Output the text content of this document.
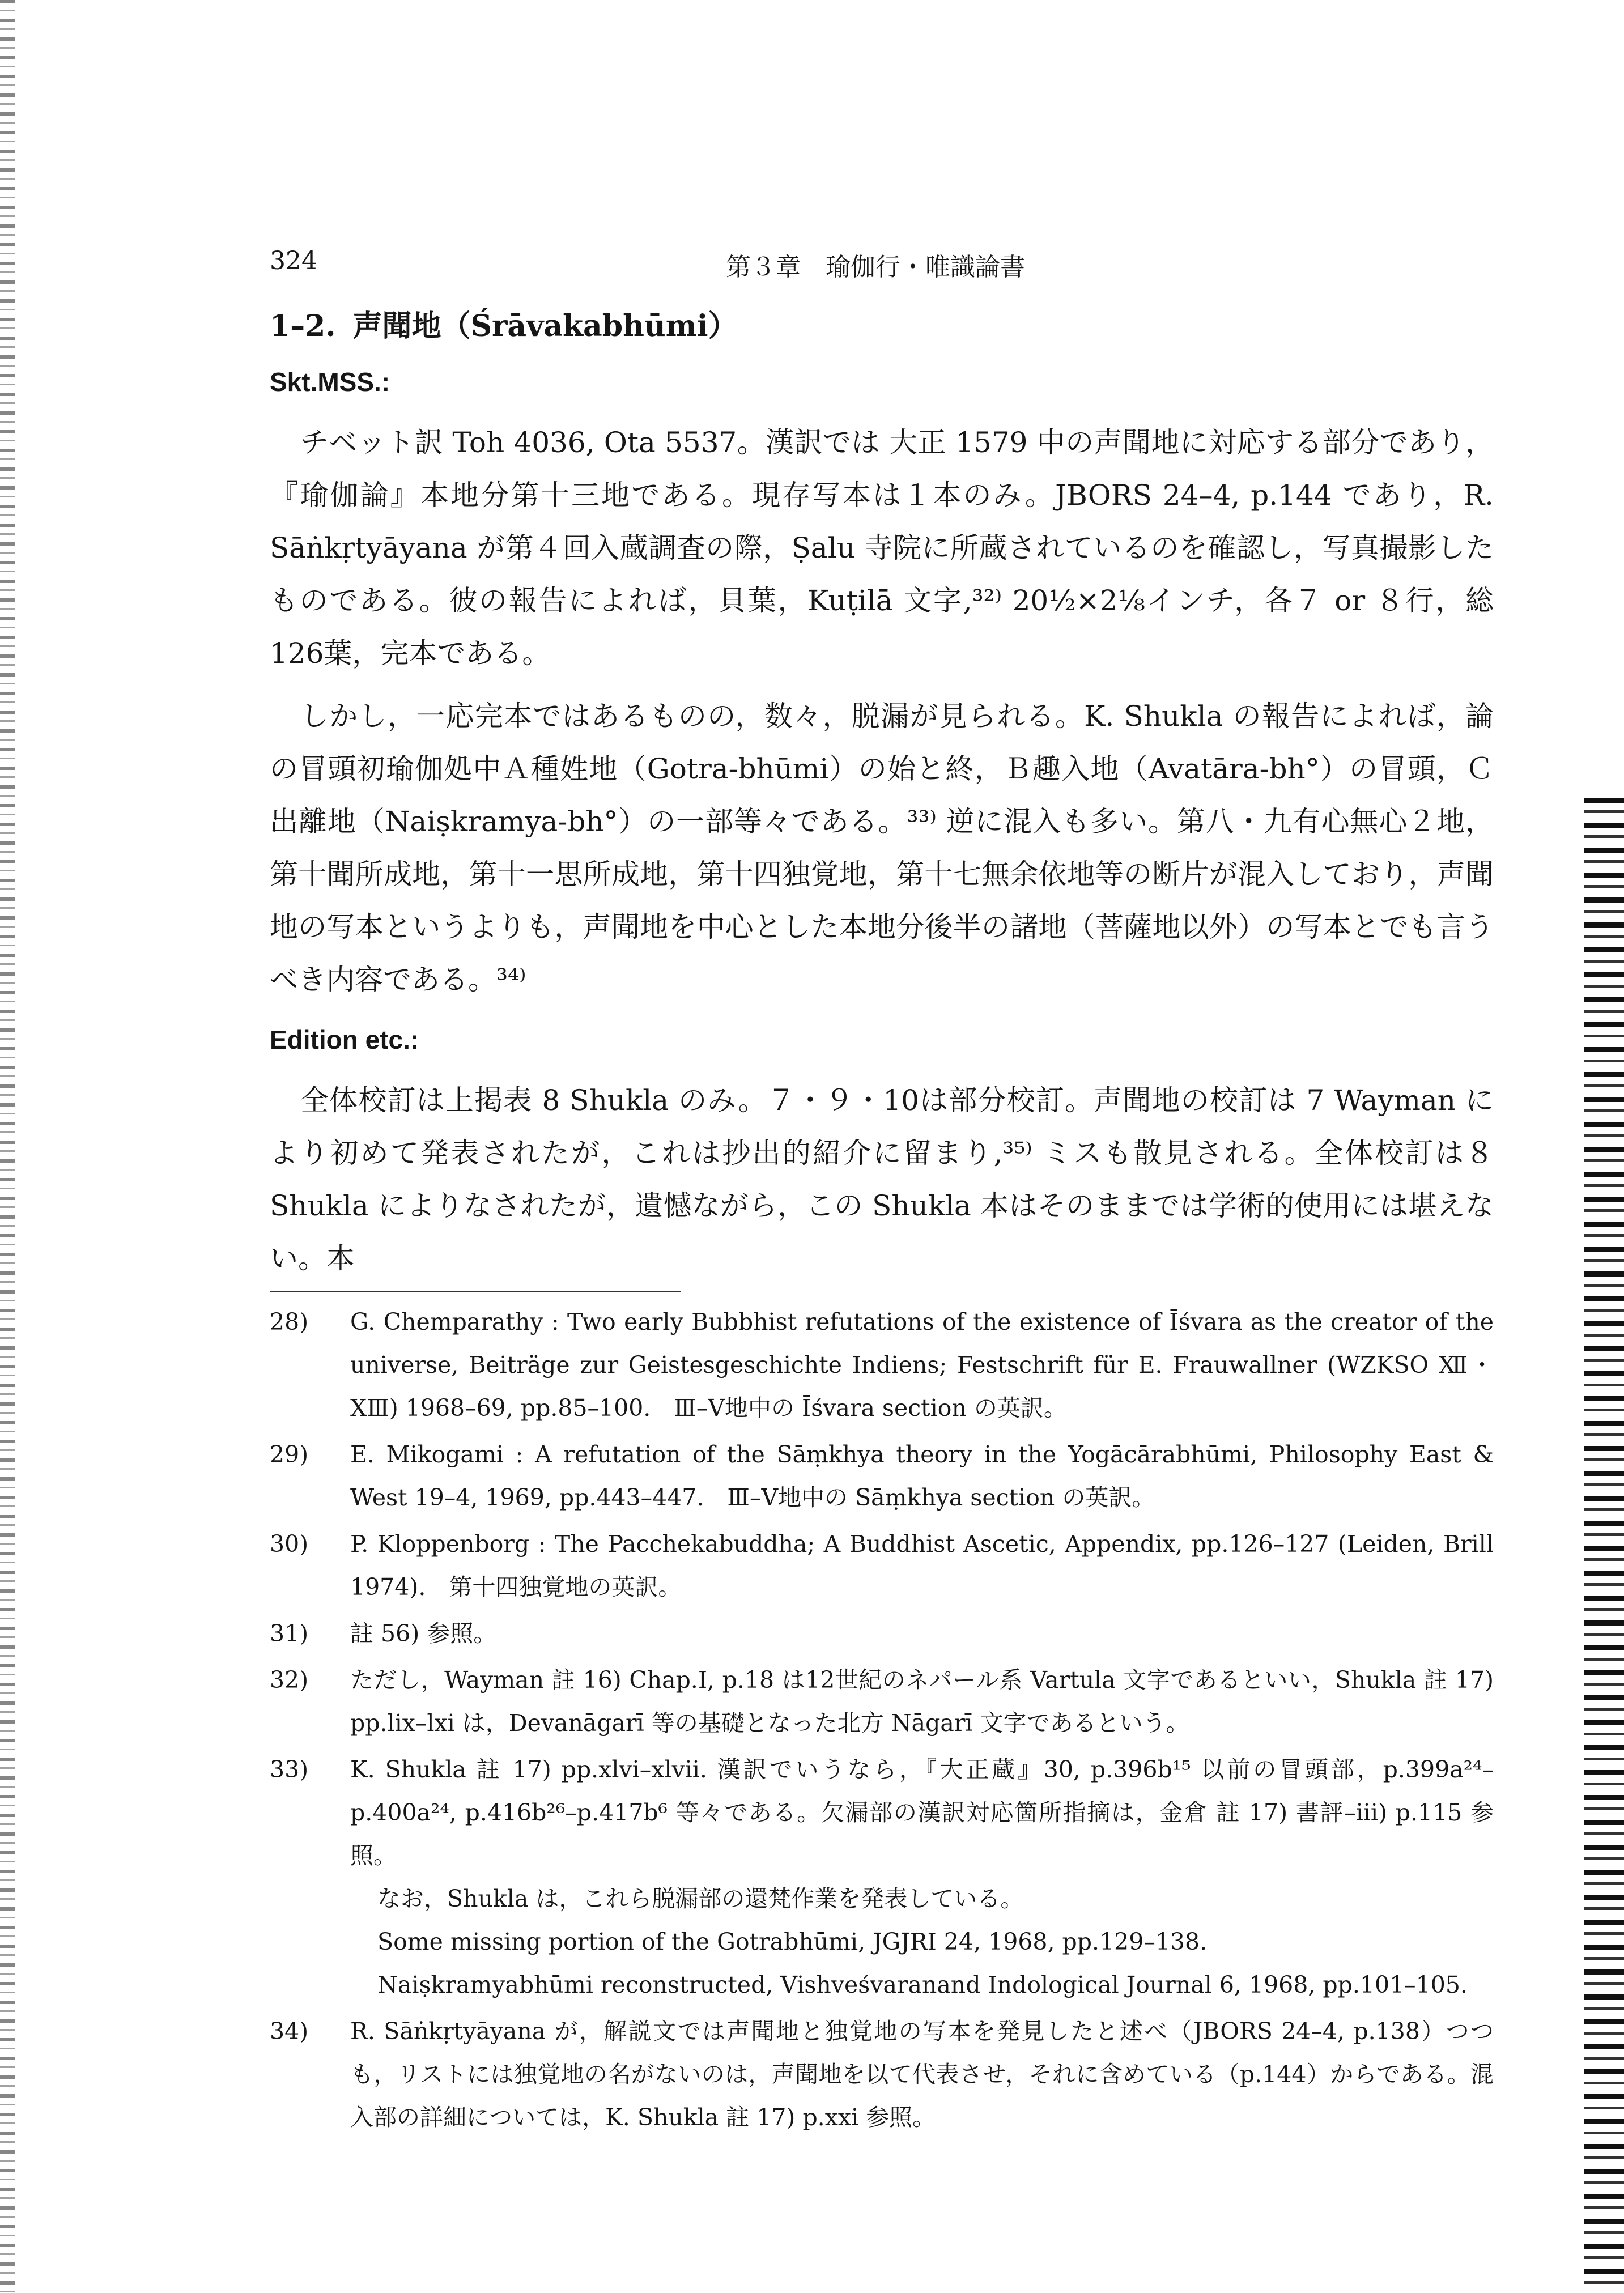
324	第３章　瑜伽行・唯識論書
1–2. 声聞地（Śrāvakabhūmi）
Skt.MSS.:

チベット訳 Toh 4036, Ota 5537。漢訳では 大正 1579 中の声聞地に対応する部分であり，『瑜伽論』本地分第十三地である。現存写本は１本のみ。JBORS 24–4, p.144 であり，R. Sāṅkṛtyāyana が第４回入蔵調査の際，Ṣalu 寺院に所蔵されているのを確認し，写真撮影したものである。彼の報告によれば，貝葉，Kuṭilā 文字,³²⁾ 20½×2⅛インチ，各７ or ８行，総126葉，完本である。

しかし，一応完本ではあるものの，数々，脱漏が見られる。K. Shukla の報告によれば，論の冒頭初瑜伽処中Ａ種姓地（Gotra-bhūmi）の始と終，Ｂ趣入地（Avatāra-bh°）の冒頭，Ｃ出離地（Naiṣkramya-bh°）の一部等々である。³³⁾ 逆に混入も多い。第八・九有心無心２地，第十聞所成地，第十一思所成地，第十四独覚地，第十七無余依地等の断片が混入しており，声聞地の写本というよりも，声聞地を中心とした本地分後半の諸地（菩薩地以外）の写本とでも言うべき内容である。³⁴⁾

Edition etc.:

全体校訂は上掲表 8 Shukla のみ。７・９・10は部分校訂。声聞地の校訂は 7 Wayman により初めて発表されたが，これは抄出的紹介に留まり,³⁵⁾ ミスも散見される。全体校訂は８ Shukla によりなされたが，遺憾ながら，この Shukla 本はそのままでは学術的使用には堪えない。本

28)	G. Chemparathy : Two early Bubbhist refutations of the existence of Īśvara as the creator of the universe, Beiträge zur Geistesgeschichte Indiens; Festschrift für E. Frauwallner (WZKSO Ⅻ・ⅩⅢ) 1968–69, pp.85–100.　Ⅲ–Ⅴ地中の Īśvara section の英訳。

29)	E. Mikogami : A refutation of the Sāṃkhya theory in the Yogācārabhūmi, Philosophy East & West 19–4, 1969, pp.443–447.　Ⅲ–Ⅴ地中の Sāṃkhya section の英訳。

30)	P. Kloppenborg : The Pacchekabuddha; A Buddhist Ascetic, Appendix, pp.126–127 (Leiden, Brill 1974).　第十四独覚地の英訳。

31)	註 56) 参照。

32)	ただし，Wayman 註 16) Chap.I, p.18 は12世紀のネパール系 Vartula 文字であるといい，Shukla 註 17) pp.lix–lxi は，Devanāgarī 等の基礎となった北方 Nāgarī 文字であるという。

33)	K. Shukla 註 17) pp.xlvi–xlvii. 漢訳でいうなら，『大正蔵』30, p.396b¹⁵ 以前の冒頭部，p.399a²⁴–p.400a²⁴, p.416b²⁶–p.417b⁶ 等々である。欠漏部の漢訳対応箇所指摘は，金倉 註 17) 書評–iii) p.115 参照。

なお，Shukla は，これら脱漏部の還梵作業を発表している。

Some missing portion of the Gotrabhūmi, JGJRI 24, 1968, pp.129–138.

Naiṣkramyabhūmi reconstructed, Vishveśvaranand Indological Journal 6, 1968, pp.101–105.

34)	R. Sāṅkṛtyāyana が，解説文では声聞地と独覚地の写本を発見したと述べ（JBORS 24–4, p.138）つつも，リストには独覚地の名がないのは，声聞地を以て代表させ，それに含めている（p.144）からである。混入部の詳細については，K. Shukla 註 17) p.xxi 参照。
